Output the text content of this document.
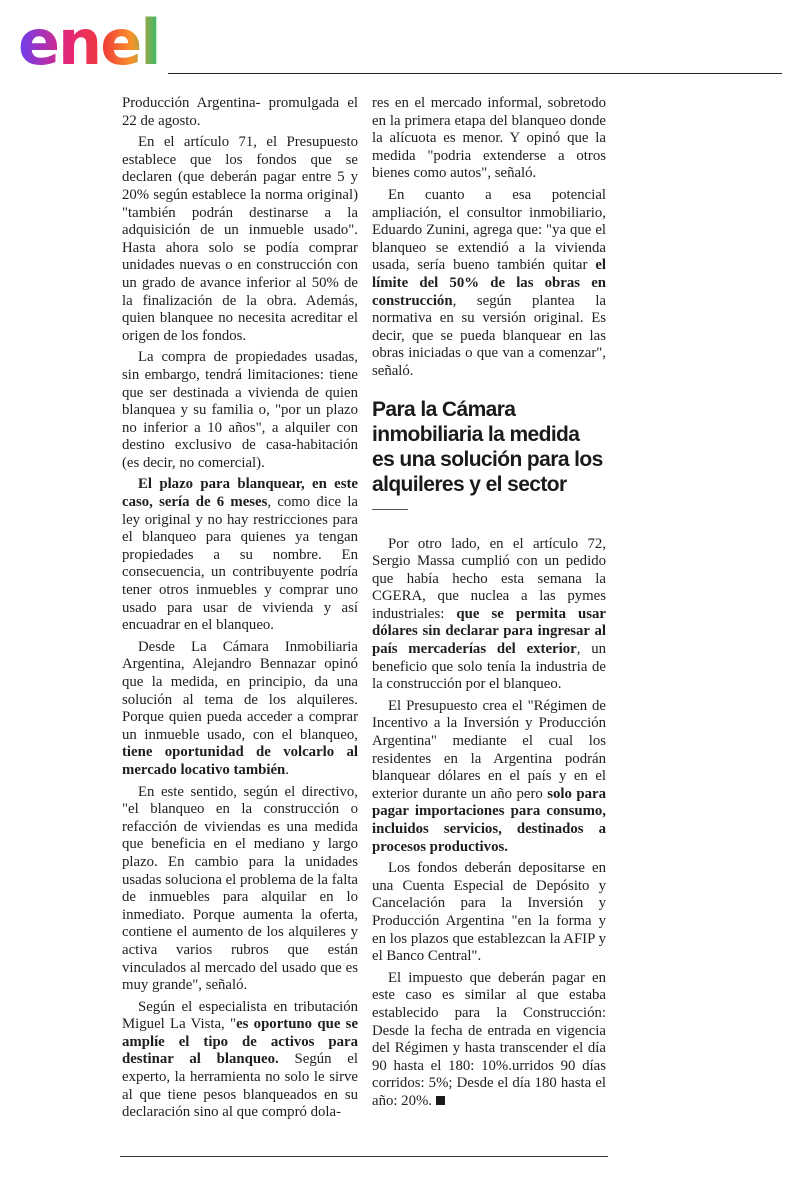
enel

Producción Argentina- promulgada el 22 de agosto.

En el artículo 71, el Presupuesto establece que los fondos que se declaren (que deberán pagar entre 5 y 20% según establece la norma original) "también podrán destinarse a la adquisición de un inmueble usado". Hasta ahora solo se podía comprar unidades nuevas o en construcción con un grado de avance inferior al 50% de la finalización de la obra. Además, quien blanquee no necesita acreditar el origen de los fondos.

La compra de propiedades usadas, sin embargo, tendrá limitaciones: tiene que ser destinada a vivienda de quien blanquea y su familia o, "por un plazo no inferior a 10 años", a alquiler con destino exclusivo de casa-habitación (es decir, no comercial).

El plazo para blanquear, en este caso, sería de 6 meses, como dice la ley original y no hay restricciones para el blanqueo para quienes ya tengan propiedades a su nombre. En consecuencia, un contribuyente podría tener otros inmuebles y comprar uno usado para usar de vivienda y así encuadrar en el blanqueo.

Desde La Cámara Inmobiliaria Argentina, Alejandro Bennazar opinó que la medida, en principio, da una solución al tema de los alquileres. Porque quien pueda acceder a comprar un inmueble usado, con el blanqueo, tiene oportunidad de volcarlo al mercado locativo también.

En este sentido, según el directivo, "el blanqueo en la construcción o refacción de viviendas es una medida que beneficia en el mediano y largo plazo. En cambio para la unidades usadas soluciona el problema de la falta de inmuebles para alquilar en lo inmediato. Porque aumenta la oferta, contiene el aumento de los alquileres y activa varios rubros que están vinculados al mercado del usado que es muy grande", señaló.

Según el especialista en tributación Miguel La Vista, "es oportuno que se amplíe el tipo de activos para destinar al blanqueo. Según el experto, la herramienta no solo le sirve al que tiene pesos blanqueados en su declaración sino al que compró dola-

res en el mercado informal, sobretodo en la primera etapa del blanqueo donde la alícuota es menor. Y opinó que la medida "podria extenderse a otros bienes como autos", señaló.

En cuanto a esa potencial ampliación, el consultor inmobiliario, Eduardo Zunini, agrega que: "ya que el blanqueo se extendió a la vivienda usada, sería bueno también quitar el límite del 50% de las obras en construcción, según plantea la normativa en su versión original. Es decir, que se pueda blanquear en las obras iniciadas o que van a comenzar", señaló.

Para la Cámara inmobiliaria la medida es una solución para los alquileres y el sector

Por otro lado, en el artículo 72, Sergio Massa cumplió con un pedido que había hecho esta semana la CGERA, que nuclea a las pymes industriales: que se permita usar dólares sin declarar para ingresar al país mercaderías del exterior, un beneficio que solo tenía la industria de la construcción por el blanqueo.

El Presupuesto crea el "Régimen de Incentivo a la Inversión y Producción Argentina" mediante el cual los residentes en la Argentina podrán blanquear dólares en el país y en el exterior durante un año pero solo para pagar importaciones para consumo, incluidos servicios, destinados a procesos productivos.

Los fondos deberán depositarse en una Cuenta Especial de Depósito y Cancelación para la Inversión y Producción Argentina "en la forma y en los plazos que establezcan la AFIP y el Banco Central".

El impuesto que deberán pagar en este caso es similar al que estaba establecido para la Construcción: Desde la fecha de entrada en vigencia del Régimen y hasta transcender el día 90 hasta el 180: 10%.urridos 90 días corridos: 5%; Desde el día 180 hasta el año: 20%.
